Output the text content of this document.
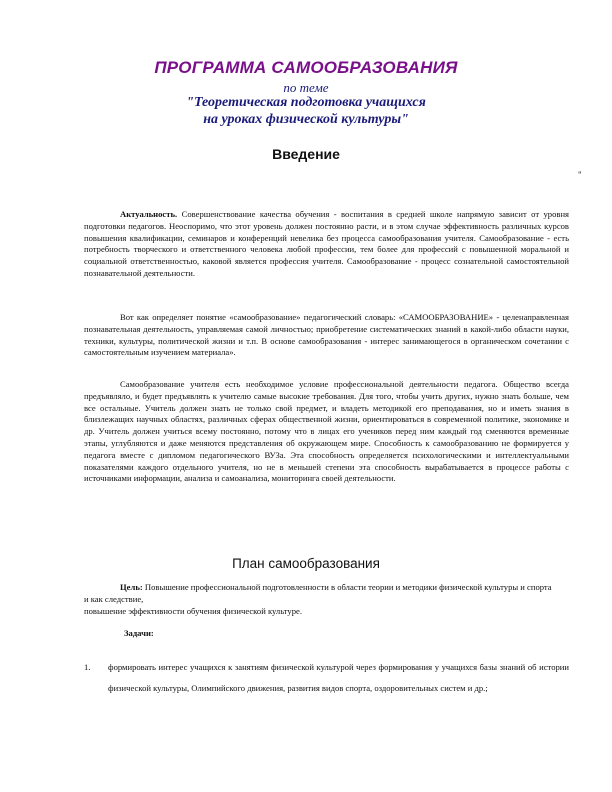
ПРОГРАММА САМООБРАЗОВАНИЯ
по теме
"Теоретическая подготовка учащихся
на уроках физической культуры"
Введение
"

Актуальность. Совершенствование качества обучения - воспитания в средней школе напрямую зависит от уровня подготовки педагогов. Неоспоримо, что этот уровень должен постоянно расти, и в этом случае эффективность различных курсов повышения квалификации, семинаров и конференций невелика без процесса самообразования учителя. Самообразование - есть потребность творческого и ответственного человека любой профессии, тем более для профессий с повышенной моральной и социальной ответственностью, каковой является профессия учителя. Самообразование - процесс сознательной самостоятельной познавательной деятельности.

Вот как определяет понятие «самообразование» педагогический словарь: «САМООБРАЗОВАНИЕ» - целенаправленная познавательная деятельность, управляемая самой личностью; приобретение систематических знаний в какой-либо области науки, техники, культуры, политической жизни и т.п. В основе самообразования - интерес занимающегося в органическом сочетании с самостоятельным изучением материала».

Самообразование учителя есть необходимое условие профессиональной деятельности педагога. Общество всегда предъявляло, и будет предъявлять к учителю самые высокие требования. Для того, чтобы учить других, нужно знать больше, чем все остальные. Учитель должен знать не только свой предмет, и владеть методикой его преподавания, но и иметь знания в близлежащих научных областях, различных сферах общественной жизни, ориентироваться в современной политике, экономике и др. Учитель должен учиться всему постоянно, потому что в лицах его учеников перед ним каждый год сменяются временные этапы, углубляются и даже меняются представления об окружающем мире. Способность к самообразованию не формируется у педагога вместе с дипломом педагогического ВУЗа. Эта способность определяется психологическими и интеллектуальными показателями каждого отдельного учителя, но не в меньшей степени эта способность вырабатывается в процессе работы с источниками информации, анализа и самоанализа, мониторинга своей деятельности.

План самообразования

Цель: Повышение профессиональной подготовленности в области теории и методики физической культуры и спорта и как следствие,
повышение эффективности обучения физической культуре.

Задачи:

1.	формировать интерес учащихся к занятиям физической культурой через формирования у учащихся базы знаний об истории физической культуры, Олимпийского движения, развития видов спорта, оздоровительных систем и др.;
